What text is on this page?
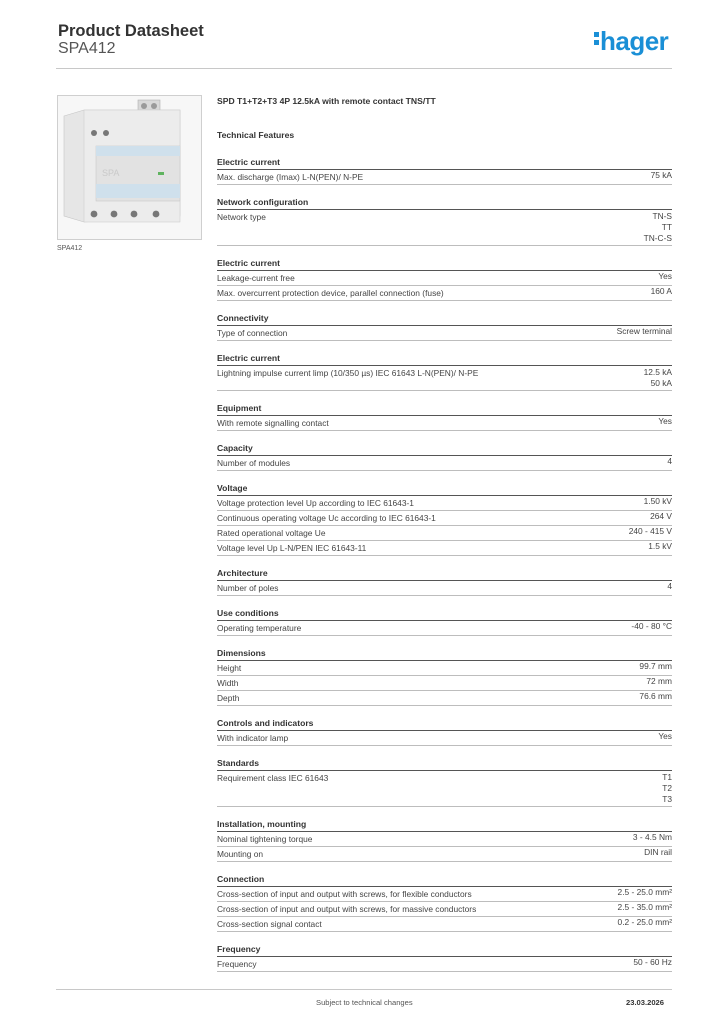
Product Datasheet
SPA412	hager
SPA
SPA412
SPD T1+T2+T3 4P 12.5kA with remote contact TNS/TT
Technical Features
Electric current
Max. discharge (Imax) L-N(PEN)/ N-PE	75 kA
Network configuration
Network type	TN-S
TT
TN-C-S
Electric current
Leakage-current free	Yes
Max. overcurrent protection device, parallel connection (fuse)	160 A
Connectivity
Type of connection	Screw terminal
Electric current
Lightning impulse current limp (10/350 µs) IEC 61643 L-N(PEN)/ N-PE	12.5 kA
50 kA
Equipment
With remote signalling contact	Yes
Capacity
Number of modules	4
Voltage
Voltage protection level Up according to IEC 61643-1	1.50 kV
Continuous operating voltage Uc according to IEC 61643-1	264 V
Rated operational voltage Ue	240 - 415 V
Voltage level Up L-N/PEN IEC 61643-11	1.5 kV
Architecture
Number of poles	4
Use conditions
Operating temperature	-40 - 80 °C
Dimensions
Height	99.7 mm
Width	72 mm
Depth	76.6 mm
Controls and indicators
With indicator lamp	Yes
Standards
Requirement class IEC 61643	T1
T2
T3
Installation, mounting
Nominal tightening torque	3 - 4.5 Nm
Mounting on	DIN rail
Connection
Cross-section of input and output with screws, for flexible conductors	2.5 - 25.0 mm²
Cross-section of input and output with screws, for massive conductors	2.5 - 35.0 mm²
Cross-section signal contact	0.2 - 25.0 mm²
Frequency
Frequency	50 - 60 Hz
Subject to technical changes	23.03.2026
